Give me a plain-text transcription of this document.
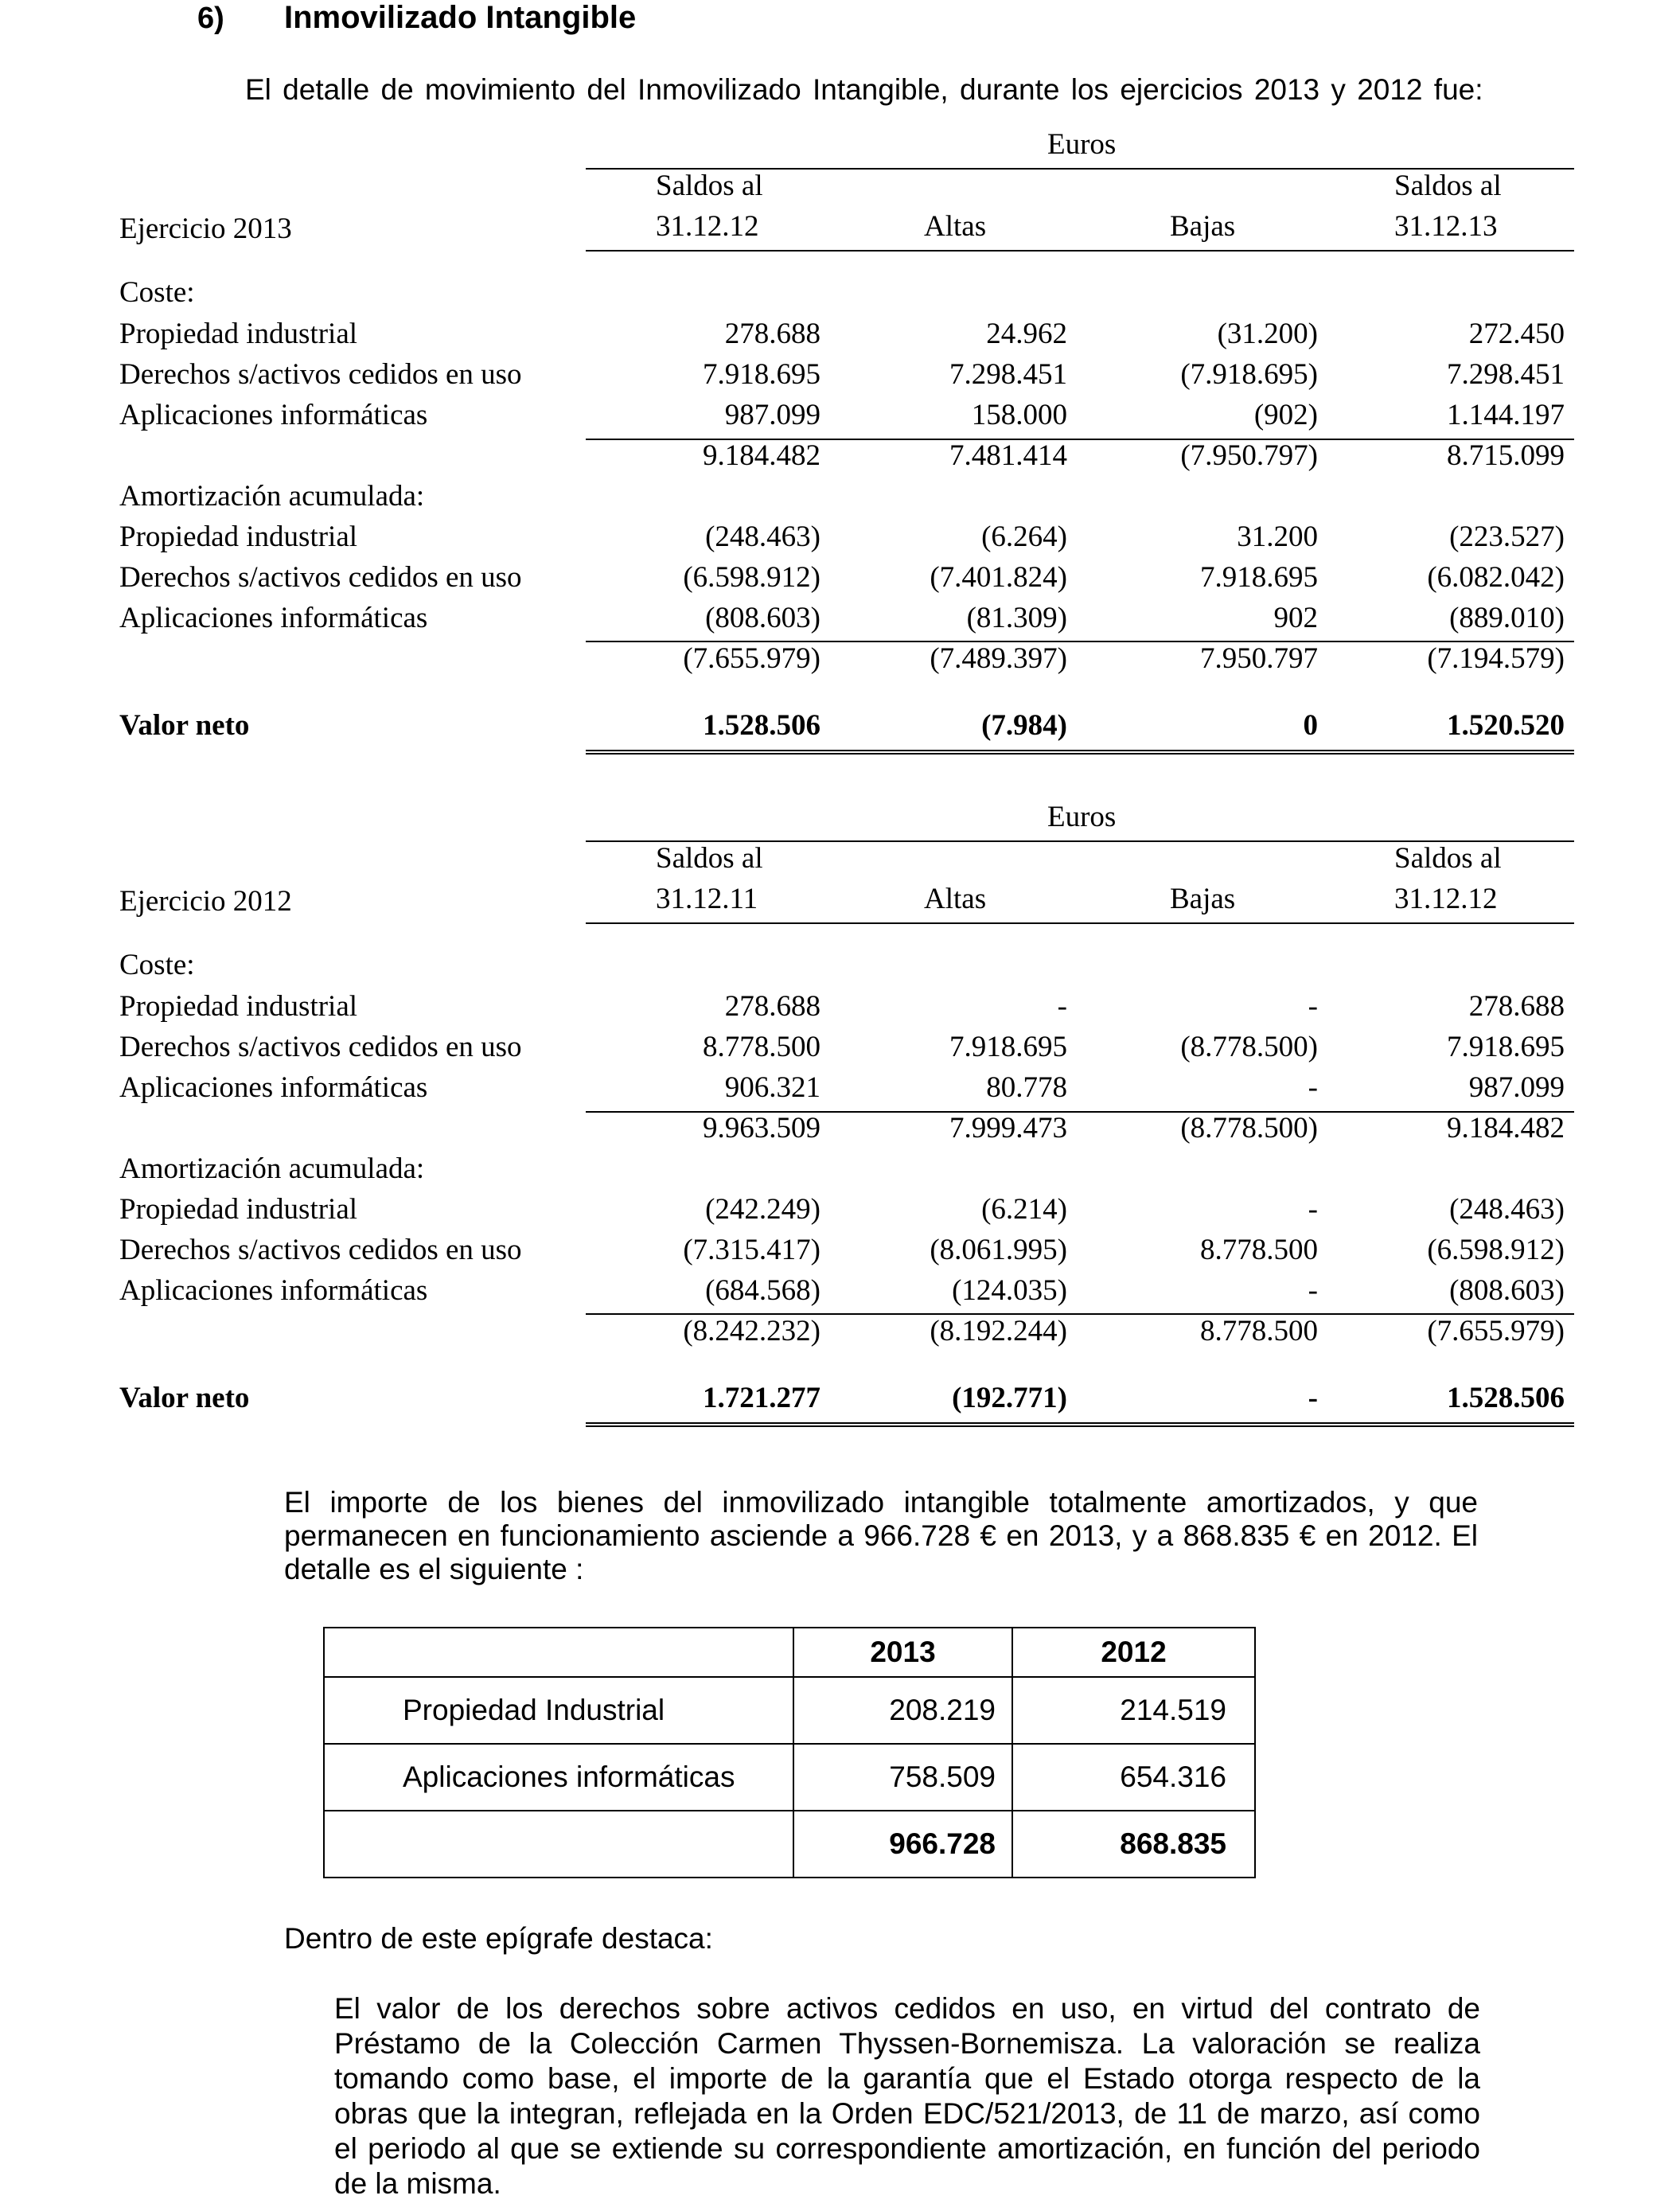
6) Inmovilizado Intangible
El detalle de movimiento del Inmovilizado Intangible, durante los ejercicios 2013 y 2012 fue:
Euros
Saldos al	Saldos al
Ejercicio 2013	31.12.12	Altas	Bajas	31.12.13
Coste:
Propiedad industrial	278.688	24.962	(31.200)	272.450
Derechos s/activos cedidos en uso	7.918.695	7.298.451	(7.918.695)	7.298.451
Aplicaciones informáticas	987.099	158.000	(902)	1.144.197
9.184.482	7.481.414	(7.950.797)	8.715.099
Amortización acumulada:
Propiedad industrial	(248.463)	(6.264)	31.200	(223.527)
Derechos s/activos cedidos en uso	(6.598.912)	(7.401.824)	7.918.695	(6.082.042)
Aplicaciones informáticas	(808.603)	(81.309)	902	(889.010)
(7.655.979)	(7.489.397)	7.950.797	(7.194.579)
Valor neto	1.528.506	(7.984)	0	1.520.520
Euros
Saldos al	Saldos al
Ejercicio 2012	31.12.11	Altas	Bajas	31.12.12
Coste:
Propiedad industrial	278.688	-	-	278.688
Derechos s/activos cedidos en uso	8.778.500	7.918.695	(8.778.500)	7.918.695
Aplicaciones informáticas	906.321	80.778	-	987.099
9.963.509	7.999.473	(8.778.500)	9.184.482
Amortización acumulada:
Propiedad industrial	(242.249)	(6.214)	-	(248.463)
Derechos s/activos cedidos en uso	(7.315.417)	(8.061.995)	8.778.500	(6.598.912)
Aplicaciones informáticas	(684.568)	(124.035)	-	(808.603)
(8.242.232)	(8.192.244)	8.778.500	(7.655.979)
Valor neto	1.721.277	(192.771)	-	1.528.506
El importe de los bienes del inmovilizado intangible totalmente amortizados, y que permanecen en funcionamiento asciende a 966.728 € en 2013, y a 868.835 € en 2012. El detalle es el siguiente :
	2013	2012
Propiedad Industrial	208.219	214.519
Aplicaciones informáticas	758.509	654.316
	966.728	868.835
Dentro de este epígrafe destaca:
El valor de los derechos sobre activos cedidos en uso, en virtud del contrato de Préstamo de la Colección Carmen Thyssen-Bornemisza. La valoración se realiza tomando como base, el importe de la garantía que el Estado otorga respecto de la obras que la integran, reflejada en la Orden EDC/521/2013, de 11 de marzo, así como el periodo al que se extiende su correspondiente amortización, en función del periodo de la misma.
